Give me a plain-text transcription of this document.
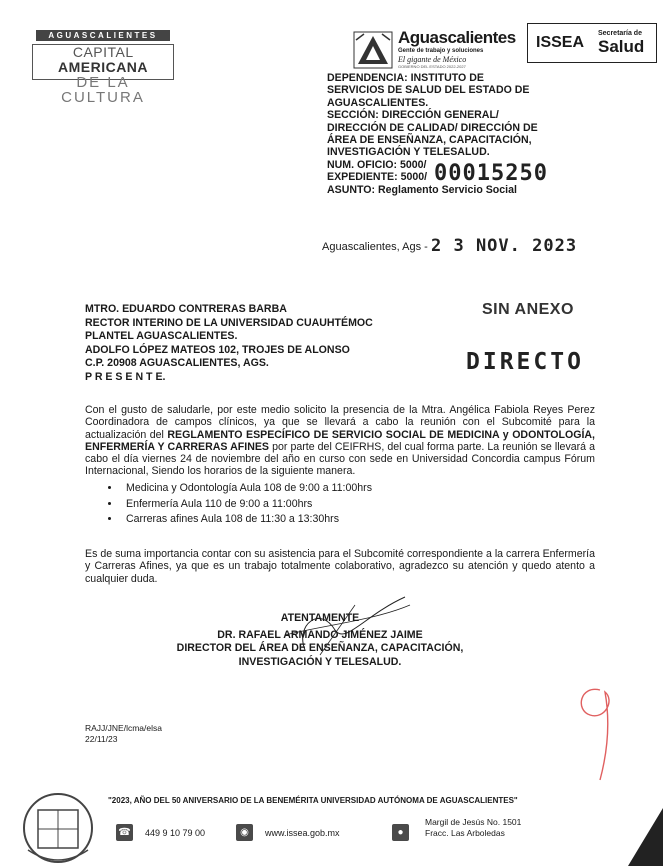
AGUASCALIENTES
CAPITAL AMERICANA
DE LA CULTURA
Aguascalientes
Gente de trabajo y soluciones
El gigante de México
GOBIERNO DEL ESTADO 2022-2027
ISSEA
Secretaría de
Salud
DEPENDENCIA: INSTITUTO DE
SERVICIOS DE SALUD DEL ESTADO DE
AGUASCALIENTES.
SECCIÓN: DIRECCIÓN GENERAL/
DIRECCIÓN DE CALIDAD/ DIRECCIÓN DE
ÁREA DE ENSEÑANZA, CAPACITACIÓN,
INVESTIGACIÓN Y TELESALUD.
NUM. OFICIO: 5000/
EXPEDIENTE: 5000/
ASUNTO: Reglamento Servicio Social
00015250
Aguascalientes, Ags - 2 3 NOV. 2023
MTRO. EDUARDO CONTRERAS BARBA
RECTOR INTERINO DE LA UNIVERSIDAD CUAUHTÉMOC
PLANTEL AGUASCALIENTES.
ADOLFO LÓPEZ MATEOS 102, TROJES DE ALONSO
C.P. 20908 AGUASCALIENTES, AGS.
P R E S E N T E.
SIN ANEXO
DIRECTO

Con el gusto de saludarle, por este medio solicito la presencia de la Mtra. Angélica Fabiola Reyes Perez Coordinadora de campos clínicos, ya que se llevará a cabo la reunión con el Subcomité para la actualización del REGLAMENTO ESPECÍFICO DE SERVICIO SOCIAL DE MEDICINA y ODONTOLOGÍA, ENFERMERÍA Y CARRERAS AFINES por parte del CEIFRHS, del cual forma parte. La reunión se llevará a cabo el día viernes 24 de noviembre del año en curso con sede en Universidad Concordia campus Fórum Internacional, Siendo los horarios de la siguiente manera.

• Medicina y Odontología Aula 108 de 9:00 a 11:00hrs
• Enfermería Aula 110 de 9:00 a 11:00hrs
• Carreras afines Aula 108 de 11:30 a 13:30hrs
Es de suma importancia contar con su asistencia para el Subcomité correspondiente a la carrera Enfermería y Carreras Afines, ya que es un trabajo totalmente colaborativo, agradezco su atención y quedo atento a cualquier duda.
ATENTAMENTE
DR. RAFAEL ARMANDO JIMÉNEZ JAIME
DIRECTOR DEL ÁREA DE ENSEÑANZA, CAPACITACIÓN,
INVESTIGACIÓN Y TELESALUD.
RAJJ/JNE/lcma/elsa
22/11/23
"2023, AÑO DEL 50 ANIVERSARIO DE LA BENEMÉRITA UNIVERSIDAD AUTÓNOMA DE AGUASCALIENTES"
☎ 449 9 10 79 00	◉	www.issea.gob.mx	●
Margil de Jesús No. 1501
Fracc. Las Arboledas
